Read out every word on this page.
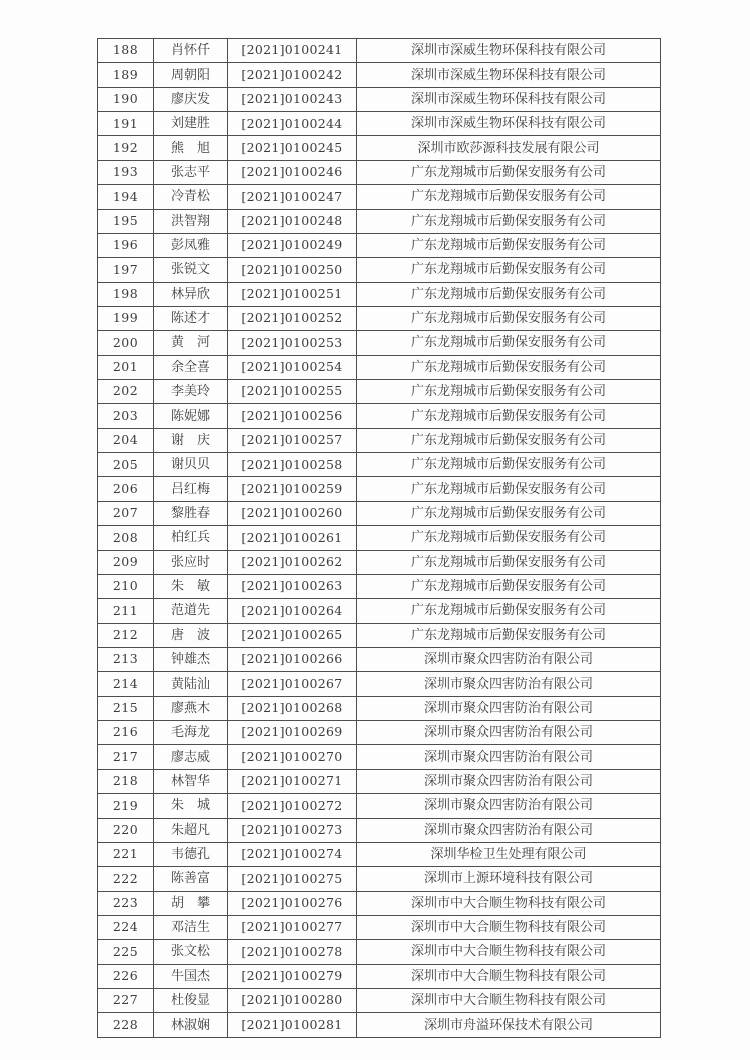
188	肖怀仟	[2021]0100241	深圳市深威生物环保科技有限公司
189	周朝阳	[2021]0100242	深圳市深威生物环保科技有限公司
190	廖庆发	[2021]0100243	深圳市深威生物环保科技有限公司
191	刘建胜	[2021]0100244	深圳市深威生物环保科技有限公司
192	熊　旭	[2021]0100245	深圳市欧莎源科技发展有限公司
193	张志平	[2021]0100246	广东龙翔城市后勤保安服务有公司
194	冷青松	[2021]0100247	广东龙翔城市后勤保安服务有公司
195	洪智翔	[2021]0100248	广东龙翔城市后勤保安服务有公司
196	彭凤雅	[2021]0100249	广东龙翔城市后勤保安服务有公司
197	张锐文	[2021]0100250	广东龙翔城市后勤保安服务有公司
198	林异欣	[2021]0100251	广东龙翔城市后勤保安服务有公司
199	陈述才	[2021]0100252	广东龙翔城市后勤保安服务有公司
200	黄　河	[2021]0100253	广东龙翔城市后勤保安服务有公司
201	余全喜	[2021]0100254	广东龙翔城市后勤保安服务有公司
202	李美玲	[2021]0100255	广东龙翔城市后勤保安服务有公司
203	陈妮娜	[2021]0100256	广东龙翔城市后勤保安服务有公司
204	谢　庆	[2021]0100257	广东龙翔城市后勤保安服务有公司
205	谢贝贝	[2021]0100258	广东龙翔城市后勤保安服务有公司
206	吕红梅	[2021]0100259	广东龙翔城市后勤保安服务有公司
207	黎胜春	[2021]0100260	广东龙翔城市后勤保安服务有公司
208	柏红兵	[2021]0100261	广东龙翔城市后勤保安服务有公司
209	张应时	[2021]0100262	广东龙翔城市后勤保安服务有公司
210	朱　敏	[2021]0100263	广东龙翔城市后勤保安服务有公司
211	范道先	[2021]0100264	广东龙翔城市后勤保安服务有公司
212	唐　波	[2021]0100265	广东龙翔城市后勤保安服务有公司
213	钟雄杰	[2021]0100266	深圳市聚众四害防治有限公司
214	黄陆汕	[2021]0100267	深圳市聚众四害防治有限公司
215	廖燕木	[2021]0100268	深圳市聚众四害防治有限公司
216	毛海龙	[2021]0100269	深圳市聚众四害防治有限公司
217	廖志威	[2021]0100270	深圳市聚众四害防治有限公司
218	林智华	[2021]0100271	深圳市聚众四害防治有限公司
219	朱　城	[2021]0100272	深圳市聚众四害防治有限公司
220	朱超凡	[2021]0100273	深圳市聚众四害防治有限公司
221	韦德孔	[2021]0100274	深圳华检卫生处理有限公司
222	陈善富	[2021]0100275	深圳市上源环境科技有限公司
223	胡　攀	[2021]0100276	深圳市中大合顺生物科技有限公司
224	邓洁生	[2021]0100277	深圳市中大合顺生物科技有限公司
225	张文松	[2021]0100278	深圳市中大合顺生物科技有限公司
226	牛国杰	[2021]0100279	深圳市中大合顺生物科技有限公司
227	杜俊显	[2021]0100280	深圳市中大合顺生物科技有限公司
228	林淑娴	[2021]0100281	深圳市舟溢环保技术有限公司
